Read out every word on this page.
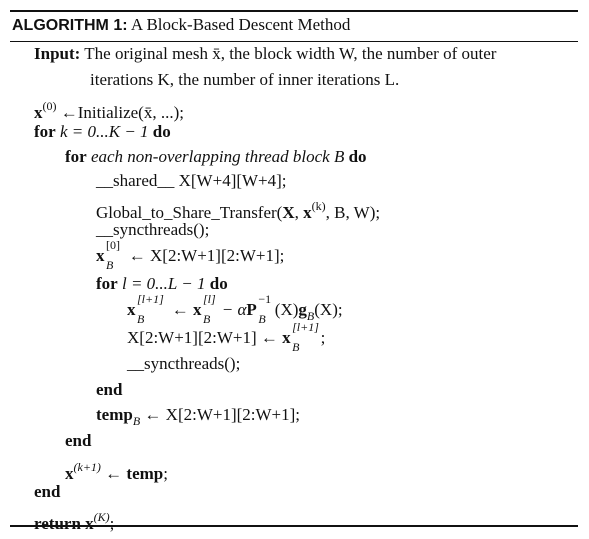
ALGORITHM 1: A Block-Based Descent Method
Input: The original mesh x̄, the block width W, the number of outer
iterations K, the number of inner iterations L.
$x^{(0)}$ ←Initialize(x̄, ...);
for k = 0...K − 1 do
for each non-overlapping thread block B do
__shared__ X[W+4][W+4];
Global_to_Share_Transfer(X, $x^{(k)}$, B, W);
__syncthreads();
x
[0]
B ← X[2:W+1][2:W+1];
for l = 0...L − 1 do
x
[l+1]
B ← x
[l]
B − αP
−1
B $(X)g_B(X)$;
X[2:W+1][2:W+1] ← x
[l+1]
B ;
__syncthreads();
end
temp$_B$ ← X[2:W+1][2:W+1];
end
$x^{(k+1)}$ ← temp;
end
return $x^{(K)}$;
